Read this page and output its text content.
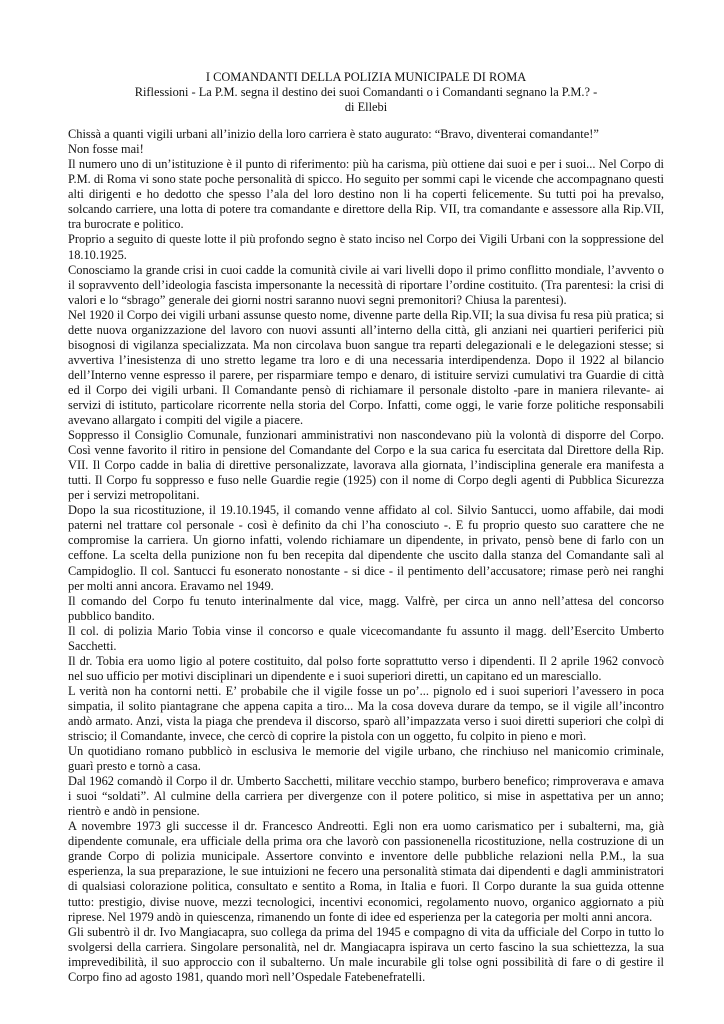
I COMANDANTI DELLA POLIZIA MUNICIPALE DI ROMA
Riflessioni - La P.M. segna il destino dei suoi Comandanti o i Comandanti segnano la P.M.? -
di Ellebi

Chissà a quanti vigili urbani all’inizio della loro carriera è stato augurato: “Bravo, diventerai comandante!”

Non fosse mai!

Il numero uno di un’istituzione è il punto di riferimento: più ha carisma, più ottiene dai suoi e per i suoi... Nel Corpo di P.M. di Roma vi sono state poche personalità di spicco. Ho seguito per sommi capi le vicende che accompagnano questi alti dirigenti e ho dedotto che spesso l’ala del loro destino non li ha coperti felicemente. Su tutti poi ha prevalso, solcando carriere, una lotta di potere tra comandante e direttore della Rip. VII, tra comandante e assessore alla Rip.VII, tra burocrate e politico.

Proprio a seguito di queste lotte il più profondo segno è stato inciso nel Corpo dei Vigili Urbani con la soppressione del 18.10.1925.

Conosciamo la grande crisi in cuoi cadde la comunità civile ai vari livelli dopo il primo conflitto mondiale, l’avvento o il sopravvento dell’ideologia fascista impersonante la necessità di riportare l’ordine costituito. (Tra parentesi: la crisi di valori e lo “sbrago” generale dei giorni nostri saranno nuovi segni premonitori? Chiusa la parentesi).

Nel 1920 il Corpo dei vigili urbani assunse questo nome, divenne parte della Rip.VII; la sua divisa fu resa più pratica; si dette nuova organizzazione del lavoro con nuovi assunti all’interno della città, gli anziani nei quartieri periferici più bisognosi di vigilanza specializzata. Ma non circolava buon sangue tra reparti delegazionali e le delegazioni stesse; si avvertiva l’inesistenza di uno stretto legame tra loro e di una necessaria interdipendenza. Dopo il 1922 al bilancio dell’Interno venne espresso il parere, per risparmiare tempo e denaro, di istituire servizi cumulativi tra Guardie di città ed il Corpo dei vigili urbani. Il Comandante pensò di richiamare il personale distolto -pare in maniera rilevante- ai servizi di istituto, particolare ricorrente nella storia del Corpo. Infatti, come oggi, le varie forze politiche responsabili avevano allargato i compiti del vigile a piacere.

Soppresso il Consiglio Comunale, funzionari amministrativi non nascondevano più la volontà di disporre del Corpo. Così venne favorito il ritiro in pensione del Comandante del Corpo e la sua carica fu esercitata dal Direttore della Rip. VII. Il Corpo cadde in balia di direttive personalizzate, lavorava alla giornata, l’indisciplina generale era manifesta a tutti. Il Corpo fu soppresso e fuso nelle Guardie regie (1925) con il nome di Corpo degli agenti di Pubblica Sicurezza per i servizi metropolitani.

Dopo la sua ricostituzione, il 19.10.1945, il comando venne affidato al col. Silvio Santucci, uomo affabile, dai modi paterni nel trattare col personale - così è definito da chi l’ha conosciuto -. E fu proprio questo suo carattere che ne compromise la carriera. Un giorno infatti, volendo richiamare un dipendente, in privato, pensò bene di farlo con un ceffone. La scelta della punizione non fu ben recepita dal dipendente che uscito dalla stanza del Comandante salì al Campidoglio. Il col. Santucci fu esonerato nonostante - si dice - il pentimento dell’accusatore; rimase però nei ranghi per molti anni ancora. Eravamo nel 1949.

Il comando del Corpo fu tenuto interinalmente dal vice, magg. Valfrè, per circa un anno nell’attesa del concorso pubblico bandito.

Il col. di polizia Mario Tobia vinse il concorso e quale vicecomandante fu assunto il magg. dell’Esercito Umberto Sacchetti.

Il dr. Tobia era uomo ligio al potere costituito, dal polso forte soprattutto verso i dipendenti. Il 2 aprile 1962 convocò nel suo ufficio per motivi disciplinari un dipendente e i suoi superiori diretti, un capitano ed un maresciallo.

L verità non ha contorni netti. E’ probabile che il vigile fosse un po’... pignolo ed i suoi superiori l’avessero in poca simpatia, il solito piantagrane che appena capita a tiro... Ma la cosa doveva durare da tempo, se il vigile all’incontro andò armato. Anzi, vista la piaga che prendeva il discorso, sparò all’impazzata verso i suoi diretti superiori che colpì di striscio; il Comandante, invece, che cercò di coprire la pistola con un oggetto, fu colpito in pieno e morì.

Un quotidiano romano pubblicò in esclusiva le memorie del vigile urbano, che rinchiuso nel manicomio criminale, guarì presto e tornò a casa.

Dal 1962 comandò il Corpo il dr. Umberto Sacchetti, militare vecchio stampo, burbero benefico; rimproverava e amava i suoi “soldati”. Al culmine della carriera per divergenze con il potere politico, si mise in aspettativa per un anno; rientrò e andò in pensione.

A novembre 1973 gli successe il dr. Francesco Andreotti. Egli non era uomo carismatico per i subalterni, ma, già dipendente comunale, era ufficiale della prima ora che lavorò con passionenella ricostituzione, nella costruzione di un grande Corpo di polizia municipale. Assertore convinto e inventore delle pubbliche relazioni nella P.M., la sua esperienza, la sua preparazione, le sue intuizioni ne fecero una personalità stimata dai dipendenti e dagli amministratori di qualsiasi colorazione politica, consultato e sentito a Roma, in Italia e fuori. Il Corpo durante la sua guida ottenne tutto: prestigio, divise nuove, mezzi tecnologici, incentivi economici, regolamento nuovo, organico aggiornato a più riprese. Nel 1979 andò in quiescenza, rimanendo un fonte di idee ed esperienza per la categoria per molti anni ancora.

Gli subentrò il dr. Ivo Mangiacapra, suo collega da prima del 1945 e compagno di vita da ufficiale del Corpo in tutto lo svolgersi della carriera. Singolare personalità, nel dr. Mangiacapra ispirava un certo fascino la sua schiettezza, la sua imprevedibilità, il suo approccio con il subalterno. Un male incurabile gli tolse ogni possibilità di fare o di gestire il Corpo fino ad agosto 1981, quando morì nell’Ospedale Fatebenefratelli.
